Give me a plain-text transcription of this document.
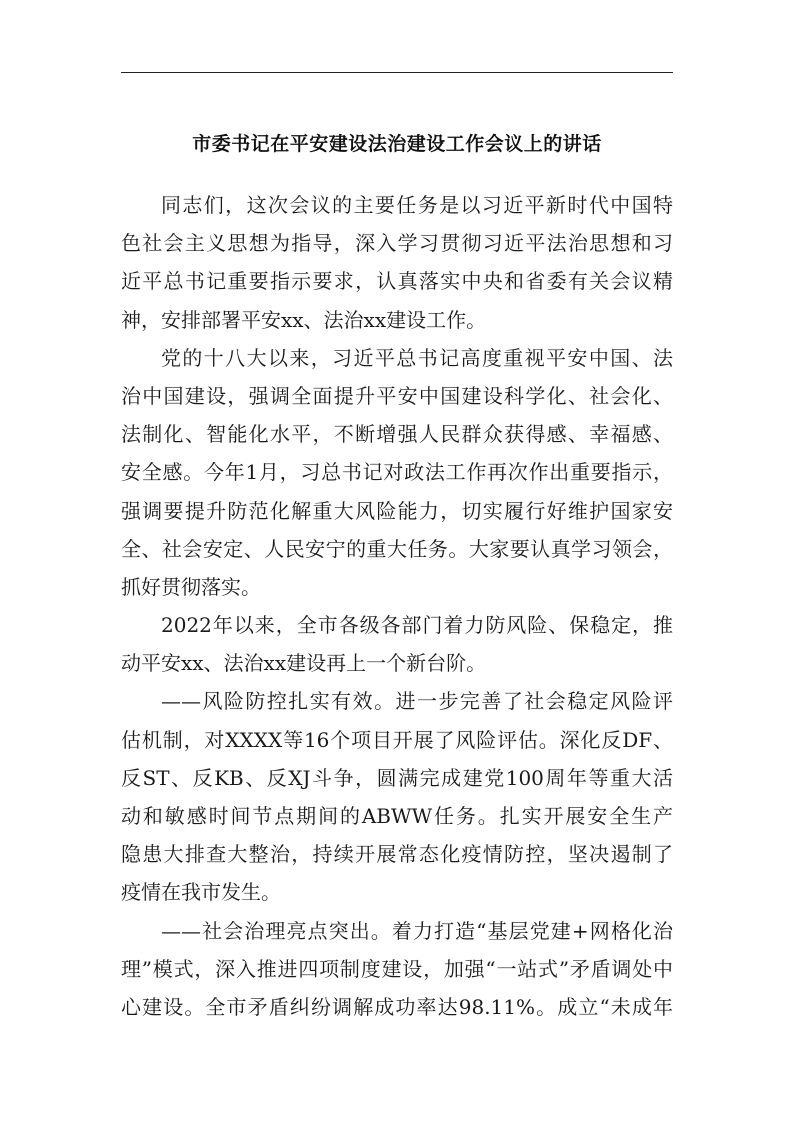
市委书记在平安建设法治建设工作会议上的讲话
同志们，这次会议的主要任务是以习近平新时代中国特
色社会主义思想为指导，深入学习贯彻习近平法治思想和习
近平总书记重要指示要求，认真落实中央和省委有关会议精
神，安排部署平安xx、法治xx建设工作。
党的十八大以来，习近平总书记高度重视平安中国、法
治中国建设，强调全面提升平安中国建设科学化、社会化、
法制化、智能化水平，不断增强人民群众获得感、幸福感、
安全感。今年1月，习总书记对政法工作再次作出重要指示，
强调要提升防范化解重大风险能力，切实履行好维护国家安
全、社会安定、人民安宁的重大任务。大家要认真学习领会，
抓好贯彻落实。
2022年以来，全市各级各部门着力防风险、保稳定，推
动平安xx、法治xx建设再上一个新台阶。
——风险防控扎实有效。进一步完善了社会稳定风险评
估机制，对XXXX等16个项目开展了风险评估。深化反DF、
反ST、反KB、反XJ斗争，圆满完成建党100周年等重大活
动和敏感时间节点期间的ABWW任务。扎实开展安全生产
隐患大排查大整治，持续开展常态化疫情防控，坚决遏制了
疫情在我市发生。
——社会治理亮点突出。着力打造“基层党建+网格化治
理”模式，深入推进四项制度建设，加强“一站式”矛盾调处中
心建设。全市矛盾纠纷调解成功率达98.11%。成立“未成年
